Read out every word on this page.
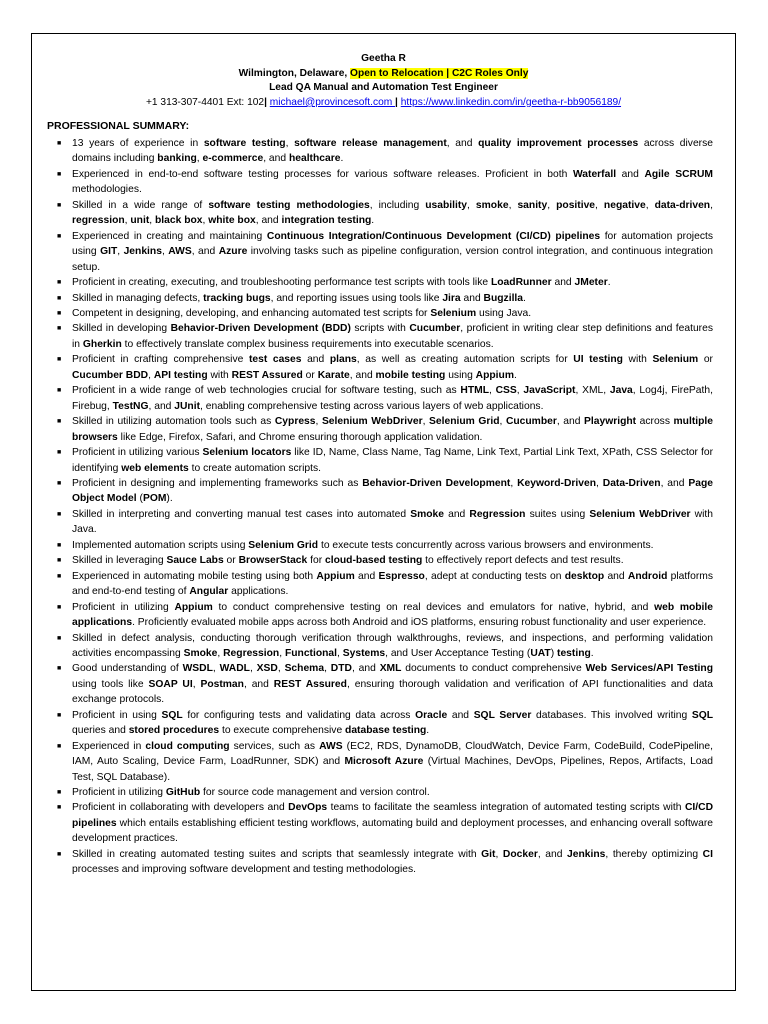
Geetha R
Wilmington, Delaware, Open to Relocation | C2C Roles Only
Lead QA Manual and Automation Test Engineer
+1 313-307-4401 Ext: 102| michael@provincesoft.com | https://www.linkedin.com/in/geetha-r-bb9056189/
PROFESSIONAL SUMMARY:
■ 13 years of experience in software testing, software release management, and quality improvement processes across diverse domains including banking, e-commerce, and healthcare.
■ Experienced in end-to-end software testing processes for various software releases. Proficient in both Waterfall and Agile SCRUM methodologies.
■ Skilled in a wide range of software testing methodologies, including usability, smoke, sanity, positive, negative, data-driven, regression, unit, black box, white box, and integration testing.
■ Experienced in creating and maintaining Continuous Integration/Continuous Development (CI/CD) pipelines for automation projects using GIT, Jenkins, AWS, and Azure involving tasks such as pipeline configuration, version control integration, and continuous integration setup.
■ Proficient in creating, executing, and troubleshooting performance test scripts with tools like LoadRunner and JMeter.
■ Skilled in managing defects, tracking bugs, and reporting issues using tools like Jira and Bugzilla.
■ Competent in designing, developing, and enhancing automated test scripts for Selenium using Java.
■ Skilled in developing Behavior-Driven Development (BDD) scripts with Cucumber, proficient in writing clear step definitions and features in Gherkin to effectively translate complex business requirements into executable scenarios.
■ Proficient in crafting comprehensive test cases and plans, as well as creating automation scripts for UI testing with Selenium or Cucumber BDD, API testing with REST Assured or Karate, and mobile testing using Appium.
■ Proficient in a wide range of web technologies crucial for software testing, such as HTML, CSS, JavaScript, XML, Java, Log4j, FirePath, Firebug, TestNG, and JUnit, enabling comprehensive testing across various layers of web applications.
■ Skilled in utilizing automation tools such as Cypress, Selenium WebDriver, Selenium Grid, Cucumber, and Playwright across multiple browsers like Edge, Firefox, Safari, and Chrome ensuring thorough application validation.
■ Proficient in utilizing various Selenium locators like ID, Name, Class Name, Tag Name, Link Text, Partial Link Text, XPath, CSS Selector for identifying web elements to create automation scripts.
■ Proficient in designing and implementing frameworks such as Behavior-Driven Development, Keyword-Driven, Data-Driven, and Page Object Model (POM).
■ Skilled in interpreting and converting manual test cases into automated Smoke and Regression suites using Selenium WebDriver with Java.
■ Implemented automation scripts using Selenium Grid to execute tests concurrently across various browsers and environments.
■ Skilled in leveraging Sauce Labs or BrowserStack for cloud-based testing to effectively report defects and test results.
■ Experienced in automating mobile testing using both Appium and Espresso, adept at conducting tests on desktop and Android platforms and end-to-end testing of Angular applications.
■ Proficient in utilizing Appium to conduct comprehensive testing on real devices and emulators for native, hybrid, and web mobile applications. Proficiently evaluated mobile apps across both Android and iOS platforms, ensuring robust functionality and user experience.
■ Skilled in defect analysis, conducting thorough verification through walkthroughs, reviews, and inspections, and performing validation activities encompassing Smoke, Regression, Functional, Systems, and User Acceptance Testing (UAT) testing.
■ Good understanding of WSDL, WADL, XSD, Schema, DTD, and XML documents to conduct comprehensive Web Services/API Testing using tools like SOAP UI, Postman, and REST Assured, ensuring thorough validation and verification of API functionalities and data exchange protocols.
■ Proficient in using SQL for configuring tests and validating data across Oracle and SQL Server databases. This involved writing SQL queries and stored procedures to execute comprehensive database testing.
■ Experienced in cloud computing services, such as AWS (EC2, RDS, DynamoDB, CloudWatch, Device Farm, CodeBuild, CodePipeline, IAM, Auto Scaling, Device Farm, LoadRunner, SDK) and Microsoft Azure (Virtual Machines, DevOps, Pipelines, Repos, Artifacts, Load Test, SQL Database).
■ Proficient in utilizing GitHub for source code management and version control.
■ Proficient in collaborating with developers and DevOps teams to facilitate the seamless integration of automated testing scripts with CI/CD pipelines which entails establishing efficient testing workflows, automating build and deployment processes, and enhancing overall software development practices.
■ Skilled in creating automated testing suites and scripts that seamlessly integrate with Git, Docker, and Jenkins, thereby optimizing CI processes and improving software development and testing methodologies.
